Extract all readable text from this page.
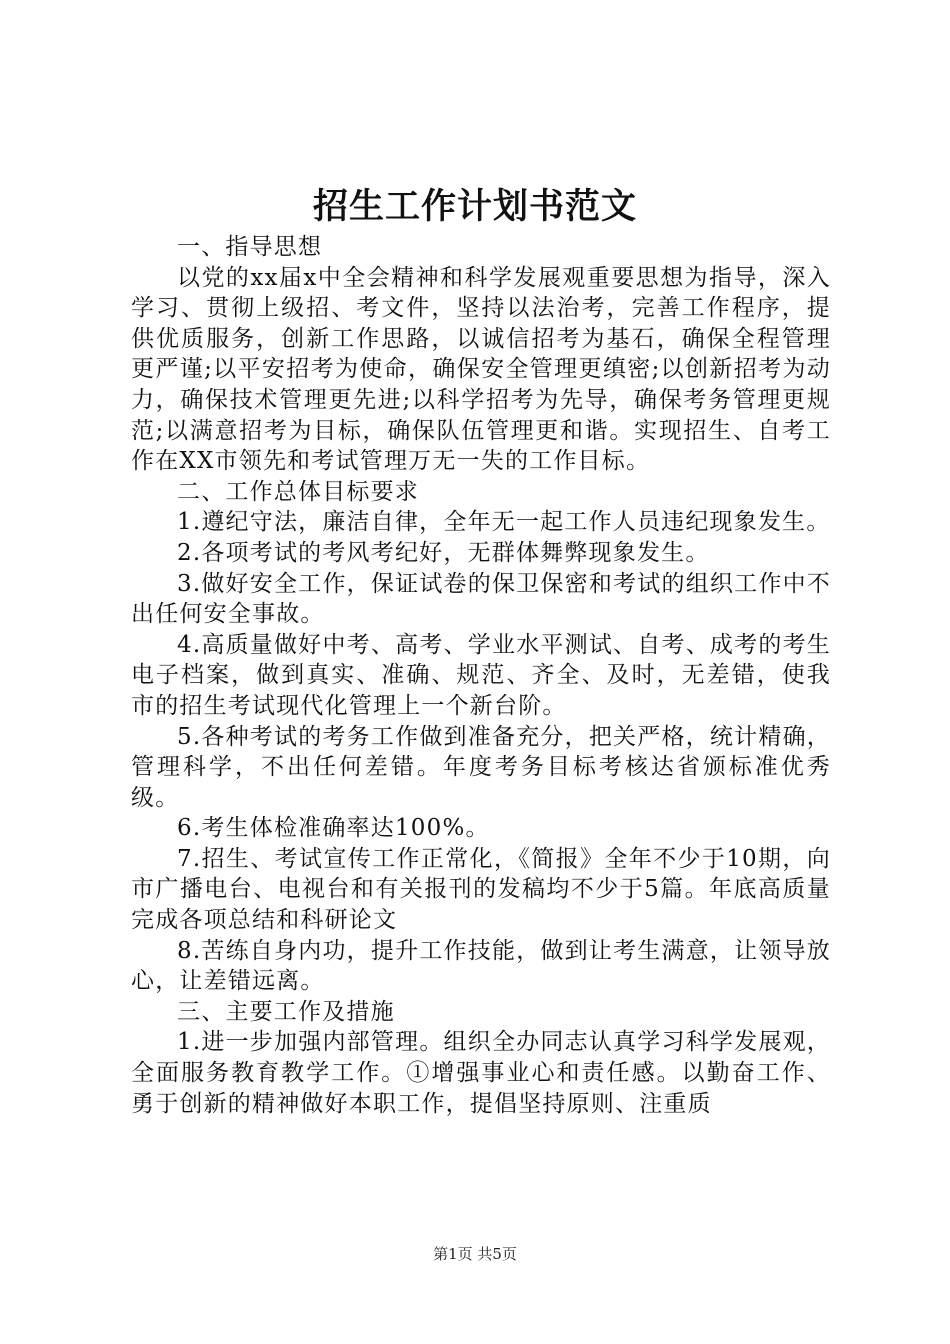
招生工作计划书范文

一、指导思想

以党的xx届x中全会精神和科学发展观重要思想为指导，深入学习、贯彻上级招、考文件，坚持以法治考，完善工作程序，提供优质服务，创新工作思路，以诚信招考为基石，确保全程管理更严谨;以平安招考为使命，确保安全管理更缜密;以创新招考为动力，确保技术管理更先进;以科学招考为先导，确保考务管理更规范;以满意招考为目标，确保队伍管理更和谐。实现招生、自考工作在XX市领先和考试管理万无一失的工作目标。

二、工作总体目标要求

1.遵纪守法，廉洁自律，全年无一起工作人员违纪现象发生。

2.各项考试的考风考纪好，无群体舞弊现象发生。

3.做好安全工作，保证试卷的保卫保密和考试的组织工作中不出任何安全事故。

4.高质量做好中考、高考、学业水平测试、自考、成考的考生电子档案，做到真实、准确、规范、齐全、及时，无差错，使我市的招生考试现代化管理上一个新台阶。

5.各种考试的考务工作做到准备充分，把关严格，统计精确，管理科学，不出任何差错。年度考务目标考核达省颁标准优秀级。

6.考生体检准确率达100%。

7.招生、考试宣传工作正常化，《简报》全年不少于10期，向市广播电台、电视台和有关报刊的发稿均不少于5篇。年底高质量完成各项总结和科研论文

8.苦练自身内功，提升工作技能，做到让考生满意，让领导放心，让差错远离。

三、主要工作及措施

1.进一步加强内部管理。组织全办同志认真学习科学发展观，全面服务教育教学工作。①增强事业心和责任感。以勤奋工作、勇于创新的精神做好本职工作，提倡坚持原则、注重质

第1页 共5页
